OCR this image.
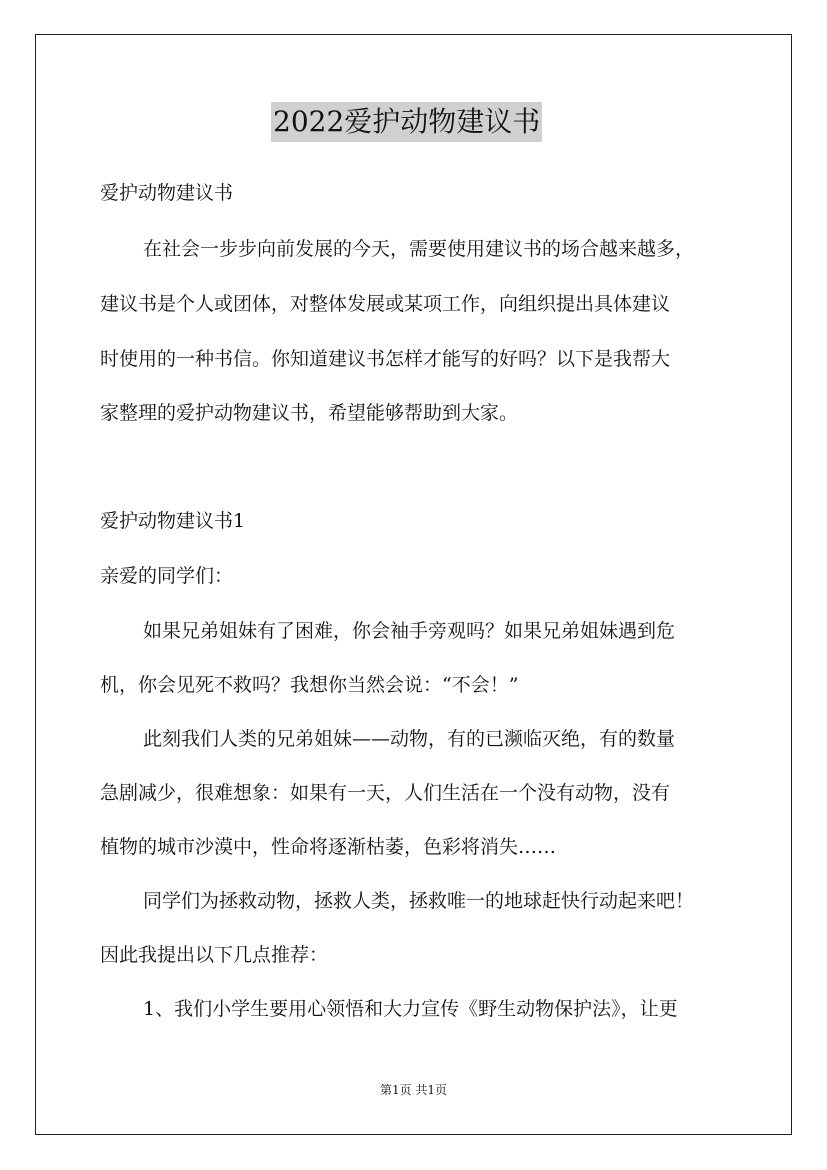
2022爱护动物建议书
爱护动物建议书
在社会一步步向前发展的今天，需要使用建议书的场合越来越多，
建议书是个人或团体，对整体发展或某项工作，向组织提出具体建议
时使用的一种书信。你知道建议书怎样才能写的好吗？以下是我帮大
家整理的爱护动物建议书，希望能够帮助到大家。
爱护动物建议书1
亲爱的同学们：
如果兄弟姐妹有了困难，你会袖手旁观吗？如果兄弟姐妹遇到危
机，你会见死不救吗？我想你当然会说：“不会！”
此刻我们人类的兄弟姐妹——动物，有的已濒临灭绝，有的数量
急剧减少，很难想象：如果有一天，人们生活在一个没有动物，没有
植物的城市沙漠中，性命将逐渐枯萎，色彩将消失……
同学们为拯救动物，拯救人类，拯救唯一的地球赶快行动起来吧！
因此我提出以下几点推荐：
1、我们小学生要用心领悟和大力宣传《野生动物保护法》，让更
第1页 共1页
